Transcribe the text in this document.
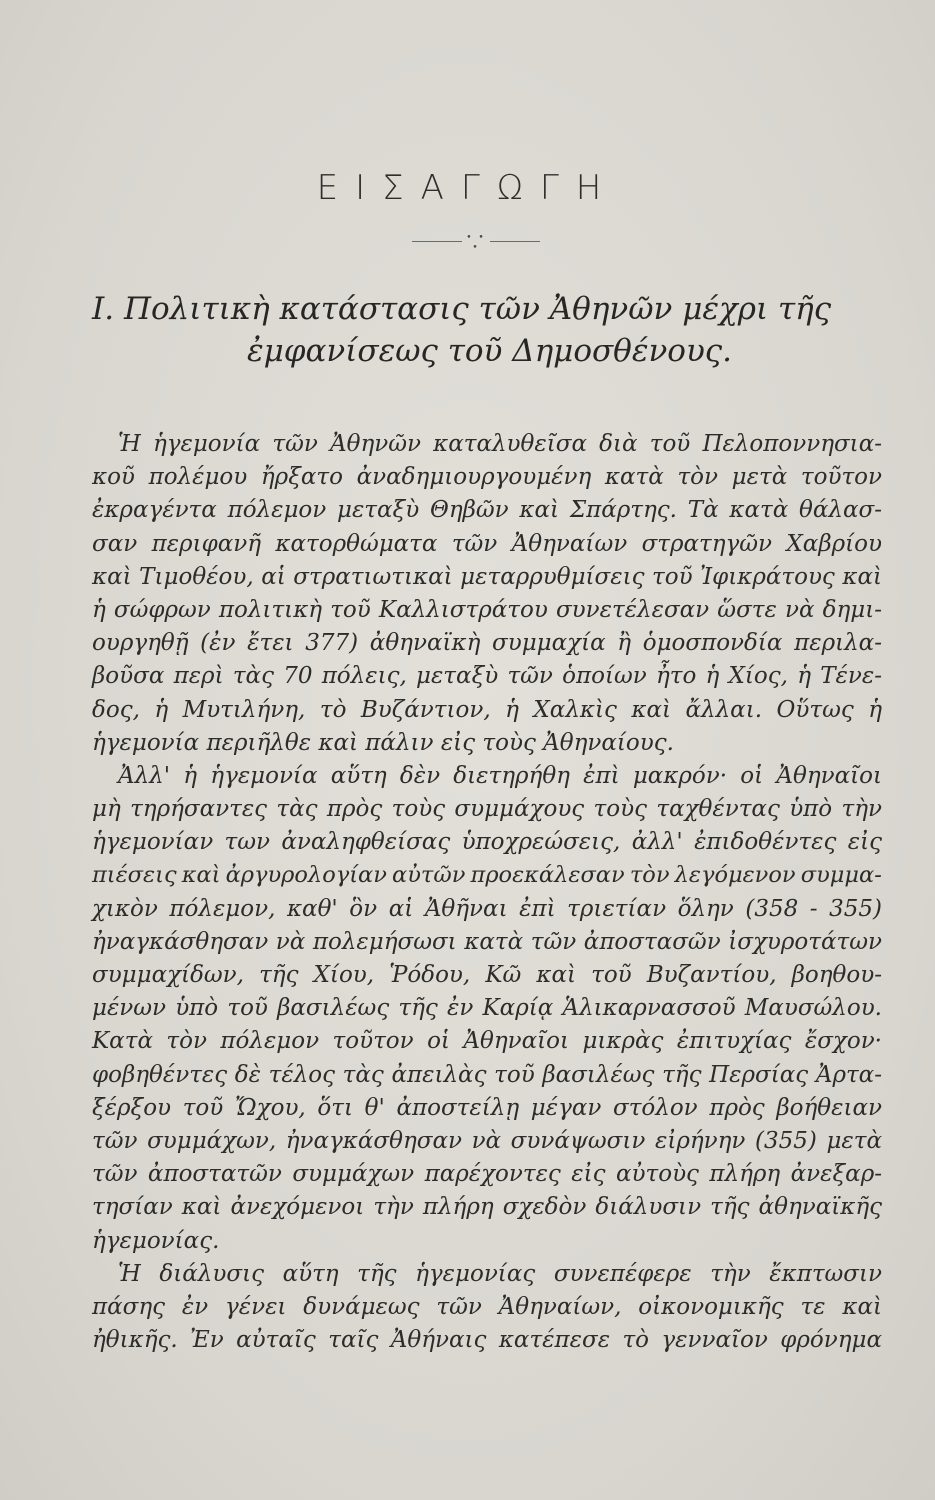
ΕΙΣΑΓΩΓΗ
• • •
I. Πολιτικὴ κατάστασις τῶν Ἀθηνῶν μέχρι τῆς
ἐμφανίσεως τοῦ Δημοσθένους.
Ἡ ἡγεμονία τῶν Ἀθηνῶν καταλυθεῖσα διὰ τοῦ Πελοποννησια-
κοῦ πολέμου ἤρξατο ἀναδημιουργουμένη κατὰ τὸν μετὰ τοῦτον
ἐκραγέντα πόλεμον μεταξὺ Θηβῶν καὶ Σπάρτης. Τὰ κατὰ θάλασ-
σαν περιφανῆ κατορθώματα τῶν Ἀθηναίων στρατηγῶν Χαβρίου
καὶ Τιμοθέου, αἱ στρατιωτικαὶ μεταρρυθμίσεις τοῦ Ἰφικράτους καὶ
ἡ σώφρων πολιτικὴ τοῦ Καλλιστράτου συνετέλεσαν ὥστε νὰ δημι-
ουργηθῇ (ἐν ἔτει 377) ἀθηναϊκὴ συμμαχία ἢ ὁμοσπονδία περιλα-
βοῦσα περὶ τὰς 70 πόλεις, μεταξὺ τῶν ὁποίων ἦτο ἡ Χίος, ἡ Τένε-
δος, ἡ Μυτιλήνη, τὸ Βυζάντιον, ἡ Χαλκὶς καὶ ἄλλαι. Οὕτως ἡ
ἡγεμονία περιῆλθε καὶ πάλιν εἰς τοὺς Ἀθηναίους.
Ἀλλ' ἡ ἡγεμονία αὕτη δὲν διετηρήθη ἐπὶ μακρόν· οἱ Ἀθηναῖοι
μὴ τηρήσαντες τὰς πρὸς τοὺς συμμάχους τοὺς ταχθέντας ὑπὸ τὴν
ἡγεμονίαν των ἀναληφθείσας ὑποχρεώσεις, ἀλλ' ἐπιδοθέντες εἰς
πιέσεις καὶ ἀργυρολογίαν αὐτῶν προεκάλεσαν τὸν λεγόμενον συμμα-
χικὸν πόλεμον, καθ' ὃν αἱ Ἀθῆναι ἐπὶ τριετίαν ὅλην (358 - 355)
ἠναγκάσθησαν νὰ πολεμήσωσι κατὰ τῶν ἀποστασῶν ἰσχυροτάτων
συμμαχίδων, τῆς Χίου, Ῥόδου, Κῶ καὶ τοῦ Βυζαντίου, βοηθου-
μένων ὑπὸ τοῦ βασιλέως τῆς ἐν Καρίᾳ Ἁλικαρνασσοῦ Μαυσώλου.
Κατὰ τὸν πόλεμον τοῦτον οἱ Ἀθηναῖοι μικρὰς ἐπιτυχίας ἔσχον·
φοβηθέντες δὲ τέλος τὰς ἀπειλὰς τοῦ βασιλέως τῆς Περσίας Ἀρτα-
ξέρξου τοῦ Ὤχου, ὅτι θ' ἀποστείλῃ μέγαν στόλον πρὸς βοήθειαν
τῶν συμμάχων, ἠναγκάσθησαν νὰ συνάψωσιν εἰρήνην (355) μετὰ
τῶν ἀποστατῶν συμμάχων παρέχοντες εἰς αὐτοὺς πλήρη ἀνεξαρ-
τησίαν καὶ ἀνεχόμενοι τὴν πλήρη σχεδὸν διάλυσιν τῆς ἀθηναϊκῆς
ἡγεμονίας.
Ἡ διάλυσις αὕτη τῆς ἡγεμονίας συνεπέφερε τὴν ἔκπτωσιν
πάσης ἐν γένει δυνάμεως τῶν Ἀθηναίων, οἰκονομικῆς τε καὶ
ἠθικῆς. Ἐν αὐταῖς ταῖς Ἀθήναις κατέπεσε τὸ γενναῖον φρόνημα
